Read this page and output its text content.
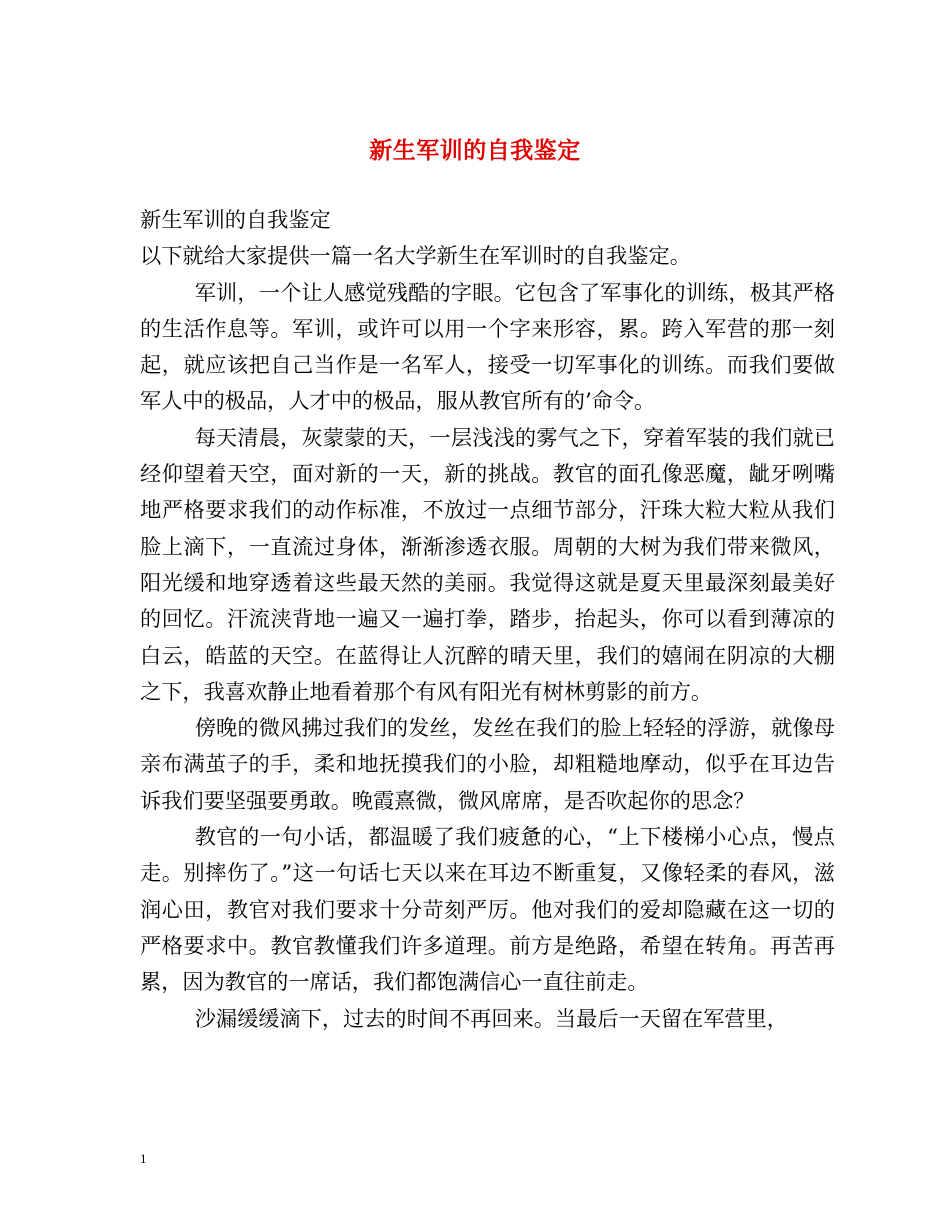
新生军训的自我鉴定

新生军训的自我鉴定

以下就给大家提供一篇一名大学新生在军训时的自我鉴定。

军训，一个让人感觉残酷的字眼。它包含了军事化的训练，极其严格的生活作息等。军训，或许可以用一个字来形容，累。跨入军营的那一刻起，就应该把自己当作是一名军人，接受一切军事化的训练。而我们要做军人中的极品，人才中的极品，服从教官所有的’命令。

每天清晨，灰蒙蒙的天，一层浅浅的雾气之下，穿着军装的我们就已经仰望着天空，面对新的一天，新的挑战。教官的面孔像恶魔，龇牙咧嘴地严格要求我们的动作标准，不放过一点细节部分，汗珠大粒大粒从我们脸上滴下，一直流过身体，渐渐渗透衣服。周朝的大树为我们带来微风，阳光缓和地穿透着这些最天然的美丽。我觉得这就是夏天里最深刻最美好的回忆。汗流浃背地一遍又一遍打拳，踏步，抬起头，你可以看到薄凉的白云，皓蓝的天空。在蓝得让人沉醉的晴天里，我们的嬉闹在阴凉的大棚之下，我喜欢静止地看着那个有风有阳光有树林剪影的前方。

傍晚的微风拂过我们的发丝，发丝在我们的脸上轻轻的浮游，就像母亲布满茧子的手，柔和地抚摸我们的小脸，却粗糙地摩动，似乎在耳边告诉我们要坚强要勇敢。晚霞熹微，微风席席，是否吹起你的思念？

教官的一句小话，都温暖了我们疲惫的心，“上下楼梯小心点，慢点走。别摔伤了。”这一句话七天以来在耳边不断重复，又像轻柔的春风，滋润心田，教官对我们要求十分苛刻严厉。他对我们的爱却隐藏在这一切的严格要求中。教官教懂我们许多道理。前方是绝路，希望在转角。再苦再累，因为教官的一席话，我们都饱满信心一直往前走。

沙漏缓缓滴下，过去的时间不再回来。当最后一天留在军营里，

1
